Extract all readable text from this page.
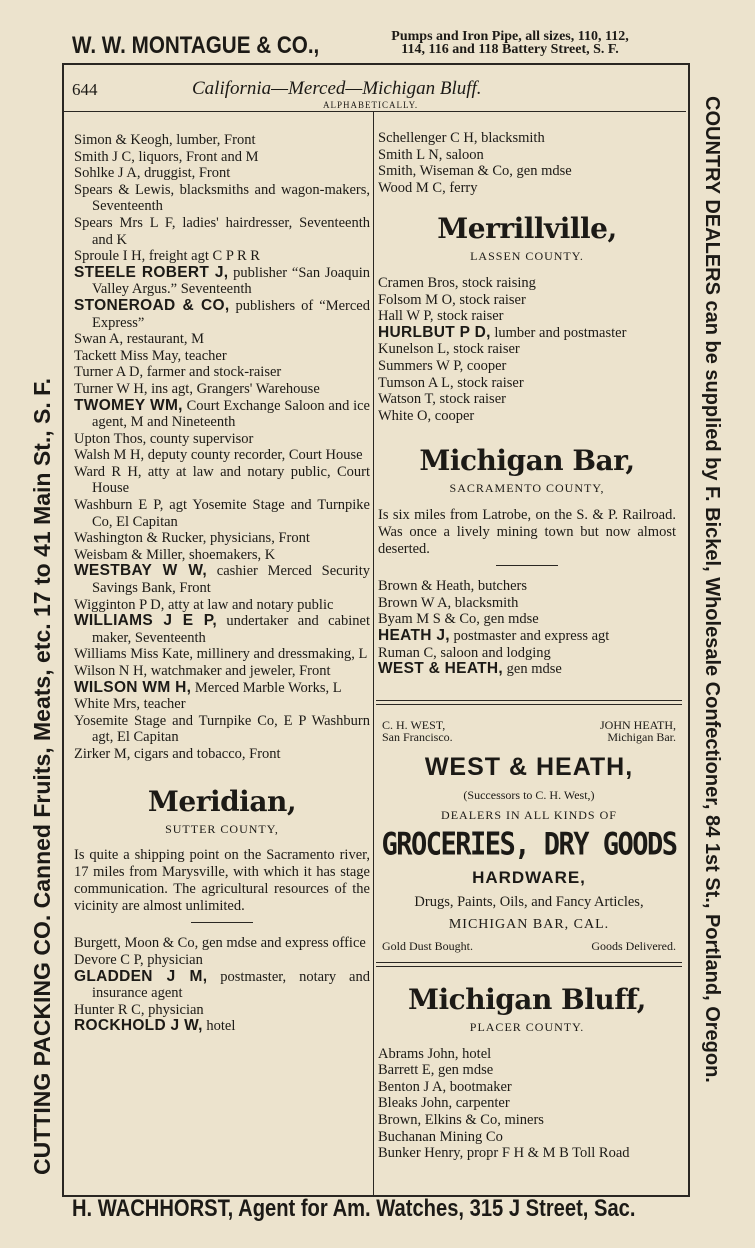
W. W. MONTAGUE & CO.,	Pumps and Iron Pipe, all sizes, 110, 112,
114, 116 and 118 Battery Street, S. F.
CUTTING PACKING CO. Canned Fruits, Meats, etc. 17 to 41 Main St., S. F.	COUNTRY DEALERS can be supplied by F. Bickel, Wholesale Confectioner, 84 1st St., Portland, Oregon.
644	California—Merced—Michigan Bluff.
ALPHABETICALLY.

Simon & Keogh, lumber, Front

Smith J C, liquors, Front and M

Sohlke J A, druggist, Front

Spears & Lewis, blacksmiths and wagon-makers, Seventeenth

Spears Mrs L F, ladies' hairdresser, Seventeenth and K

Sproule I H, freight agt C P R R

STEELE ROBERT J, publisher “San Joaquin Valley Argus.” Seventeenth

STONEROAD & CO, publishers of “Merced Express”

Swan A, restaurant, M

Tackett Miss May, teacher

Turner A D, farmer and stock-raiser

Turner W H, ins agt, Grangers' Warehouse

TWOMEY WM, Court Exchange Saloon and ice agent, M and Nineteenth

Upton Thos, county supervisor

Walsh M H, deputy county recorder, Court House

Ward R H, atty at law and notary public, Court House

Washburn E P, agt Yosemite Stage and Turnpike Co, El Capitan

Washington & Rucker, physicians, Front

Weisbam & Miller, shoemakers, K

WESTBAY W W, cashier Merced Security Savings Bank, Front

Wigginton P D, atty at law and notary public

WILLIAMS J E P, undertaker and cabinet maker, Seventeenth

Williams Miss Kate, millinery and dressmaking, L

Wilson N H, watchmaker and jeweler, Front

WILSON WM H, Merced Marble Works, L

White Mrs, teacher

Yosemite Stage and Turnpike Co, E P Washburn agt, El Capitan

Zirker M, cigars and tobacco, Front

Meridian,

SUTTER COUNTY,

Is quite a shipping point on the Sacramento river, 17 miles from Marysville, with which it has stage communication. The agricultural resources of the vicinity are almost unlimited.

Burgett, Moon & Co, gen mdse and express office

Devore C P, physician

GLADDEN J M, postmaster, notary and insurance agent

Hunter R C, physician

ROCKHOLD J W, hotel

Schellenger C H, blacksmith

Smith L N, saloon

Smith, Wiseman & Co, gen mdse

Wood M C, ferry

Merrillville,

LASSEN COUNTY.

Cramen Bros, stock raising

Folsom M O, stock raiser

Hall W P, stock raiser

HURLBUT P D, lumber and postmaster

Kunelson L, stock raiser

Summers W P, cooper

Tumson A L, stock raiser

Watson T, stock raiser

White O, cooper

Michigan Bar,

SACRAMENTO COUNTY,

Is six miles from Latrobe, on the S. & P. Railroad. Was once a lively mining town but now almost deserted.

Brown & Heath, butchers

Brown W A, blacksmith

Byam M S & Co, gen mdse

HEATH J, postmaster and express agt

Ruman C, saloon and lodging

WEST & HEATH, gen mdse

C. H. WEST,
San Francisco.
JOHN HEATH,
Michigan Bar.
WEST & HEATH,
(Successors to C. H. West,)
DEALERS IN ALL KINDS OF
GROCERIES, DRY GOODS
HARDWARE,
Drugs, Paints, Oils, and Fancy Articles,
MICHIGAN BAR, CAL.
Gold Dust Bought.	Goods Delivered.

Michigan Bluff,

PLACER COUNTY.

Abrams John, hotel

Barrett E, gen mdse

Benton J A, bootmaker

Bleaks John, carpenter

Brown, Elkins & Co, miners

Buchanan Mining Co

Bunker Henry, propr F H & M B Toll Road

H. WACHHORST, Agent for Am. Watches, 315 J Street, Sac.
